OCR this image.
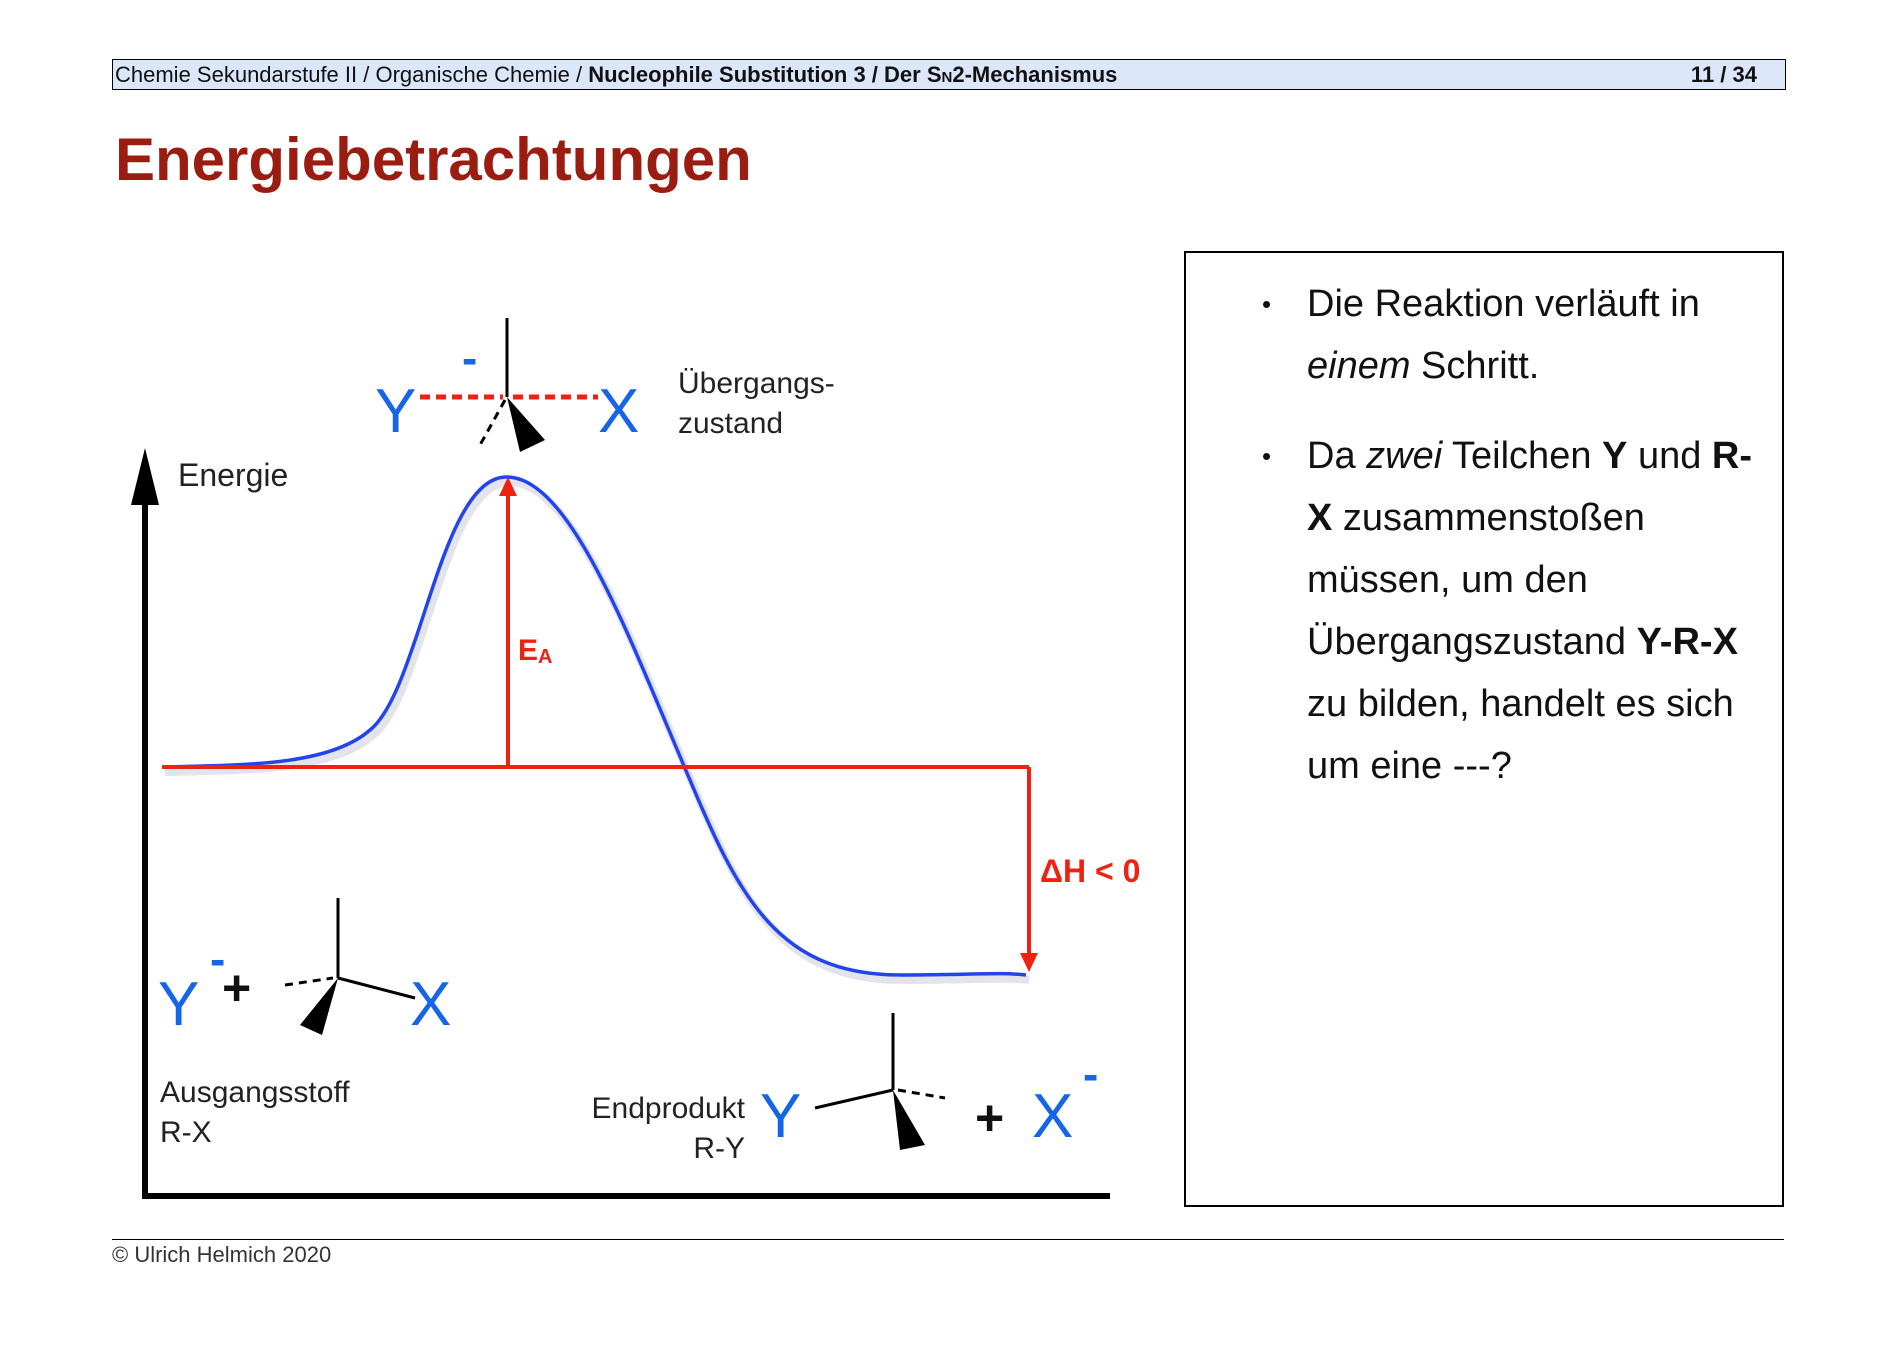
Chemie Sekundarstufe II / Organische Chemie / Nucleophile Substitution 3 / Der SN2-Mechanismus	11 / 34
Energiebetrachtungen
Energie
EA
ΔH < 0
Y
-
X Übergangs-
zustand
Y
-
+	X
Ausgangsstoff
R-X	Y	+ X
-
Endprodukt
R-Y
• Die Reaktion verläuft in einem Schritt.
• Da zwei Teilchen Y und R-X zusammenstoßen müssen, um den Übergangszustand Y-R-X zu bilden, handelt es sich um eine ---?
© Ulrich Helmich 2020
